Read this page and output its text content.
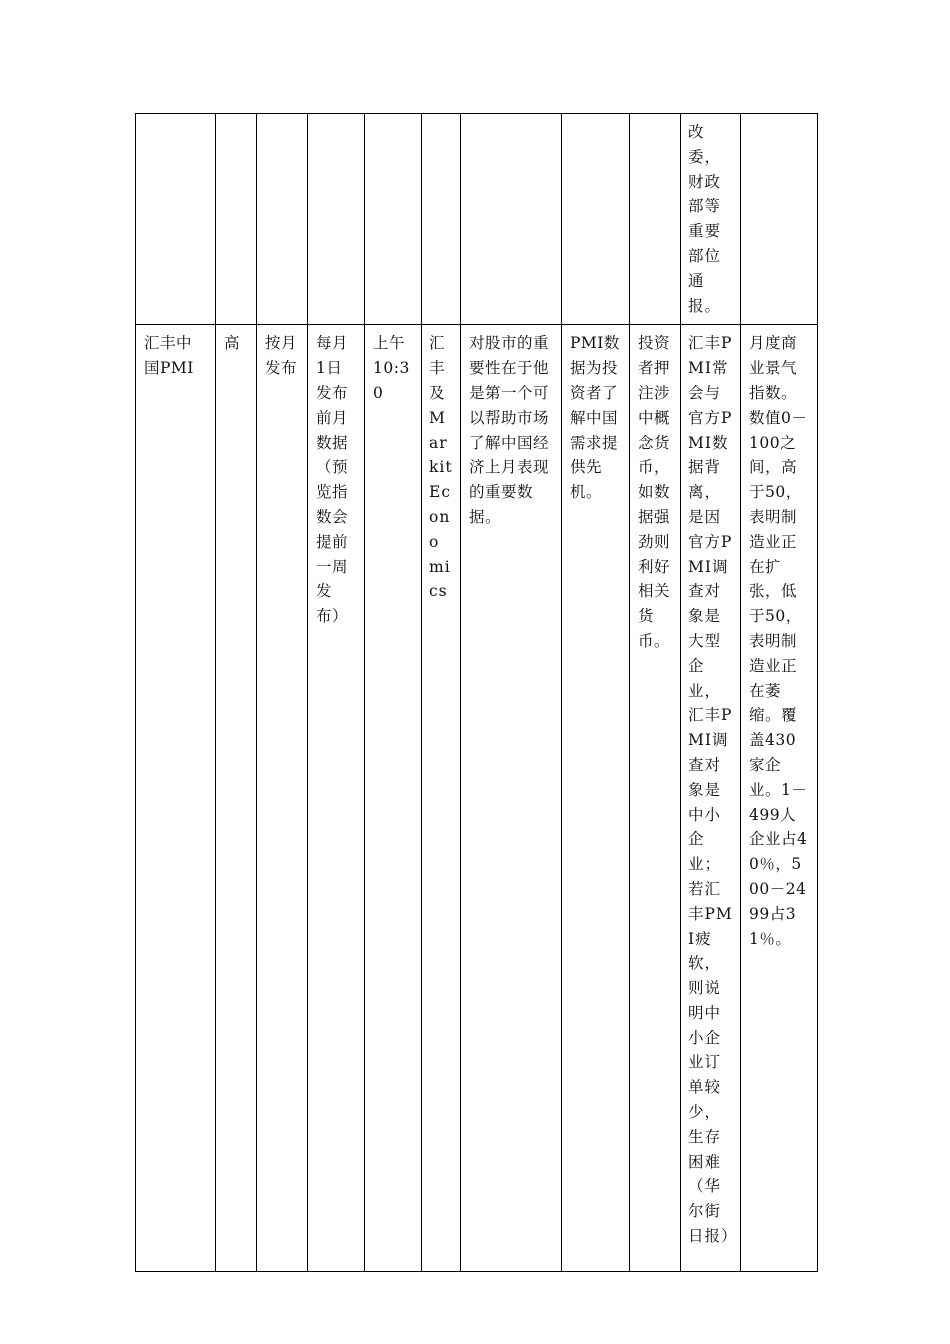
									改委，财政部等重要部位通报。	

汇丰中国PMI	高	按月发布	每月1日发布前月数据（预览指数会提前一周发布）	上午10:30	汇丰及MarkitEconomics	对股市的重要性在于他是第一个可以帮助市场了解中国经济上月表现的重要数据。	PMI数据为投资者了解中国需求提供先机。	投资者押注涉中概念货币，如数据强劲则利好相关货币。	汇丰PMI常会与官方PMI数据背离，是因官方PMI调查对象是大型企业，汇丰PMI调查对象是中小企业；若汇丰PMI疲软，则说明中小企业订单较少，生存困难（华尔街日报）	月度商业景气指数。数值0－100之间，高于50，表明制造业正在扩张，低于50，表明制造业正在萎缩。覆盖430家企业。1－499人企业占40％，500－2499占31％。
